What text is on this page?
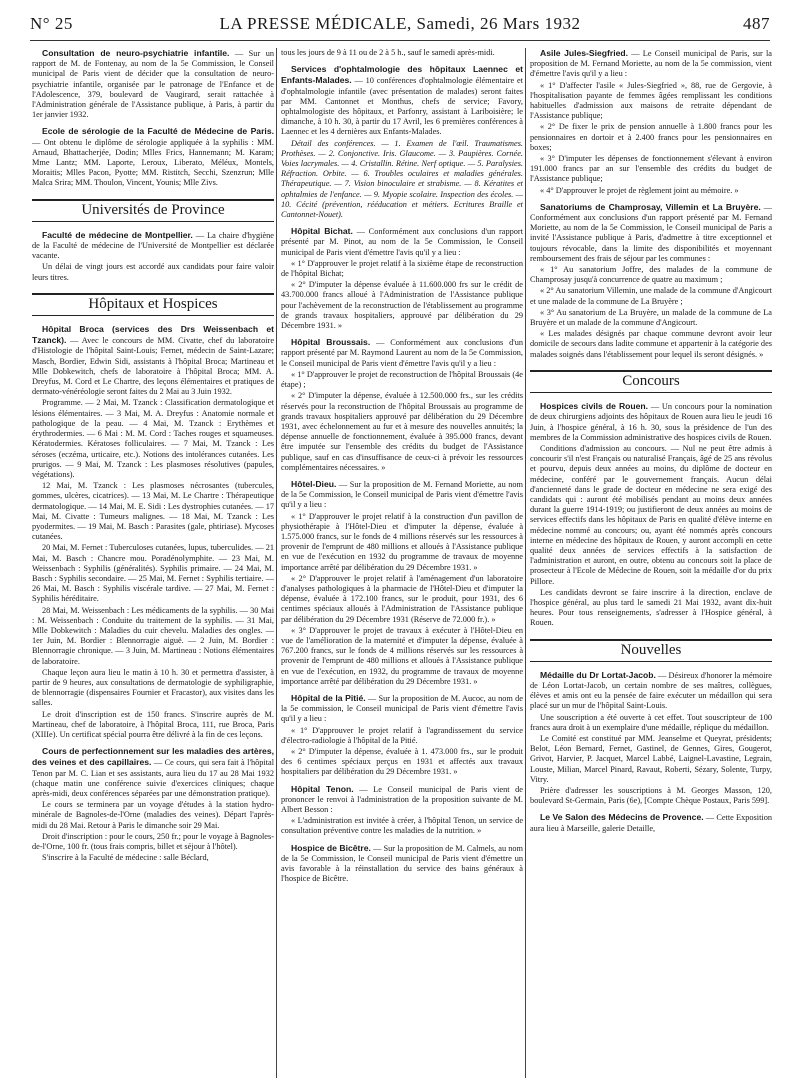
N° 25	LA PRESSE MÉDICALE, Samedi, 26 Mars 1932	487

Consultation de neuro-psychiatrie infantile. — Sur un rapport de M. de Fontenay, au nom de la 5e Commission, le Conseil municipal de Paris vient de décider que la consultation de neuro-psychiatrie infantile, organisée par le patronage de l'Enfance et de l'Adolescence, 379, boulevard de Vaugirard, serait rattachée à l'Administration générale de l'Assistance publique, à Paris, à partir du 1er janvier 1932.

Ecole de sérologie de la Faculté de Médecine de Paris. — Ont obtenu le diplôme de sérologie appliquée à la syphilis : MM. Arnaud, Bhattacherjée, Dodin; Mlles Frics, Hannemann; M. Karam; Mme Lantz; MM. Laporte, Leroux, Liberato, Méléux, Montels, Moraitis; Mlles Pacon, Pyotte; MM. Ristitch, Secchi, Szenzrun; Mlle Malca Srira; MM. Thoulon, Vincent, Younis; Mlle Zivs.

Universités de Province

Faculté de médecine de Montpellier. — La chaire d'hygiène de la Faculté de médecine de l'Université de Montpellier est déclarée vacante.

Un délai de vingt jours est accordé aux candidats pour faire valoir leurs titres.

Hôpitaux et Hospices

Hôpital Broca (services des Drs Weissenbach et Tzanck). — Avec le concours de MM. Civatte, chef du laboratoire d'Histologie de l'hôpital Saint-Louis; Fernet, médecin de Saint-Lazare; Masch, Bordier, Edwin Sidi, assistants à l'hôpital Broca; Martineau et Mlle Dobkewitch, chefs de laboratoire à l'hôpital Broca; MM. A. Dreyfus, M. Cord et Le Chartre, des leçons élémentaires et pratiques de dermato-vénéréologie seront faites du 2 Mai au 3 Juin 1932.

Programme. — 2 Mai, M. Tzanck : Classification dermatologique et lésions élémentaires. — 3 Mai, M. A. Dreyfus : Anatomie normale et pathologique de la peau. — 4 Mai, M. Tzanck : Erythèmes et érythrodermies. — 6 Mai : M. M. Cord : Taches rouges et squameuses. Kératodermies. Kératoses folliculaires. — 7 Mai, M. Tzanck : Les séroses (eczéma, urticaire, etc.). Notions des intolérances cutanées. Les prurigos. — 9 Mai, M. Tzanck : Les plasmoses résolutives (papules, végétations).

12 Mai, M. Tzanck : Les plasmoses nécrosantes (tubercules, gommes, ulcères, cicatrices). — 13 Mai, M. Le Chartre : Thérapeutique dermatologique. — 14 Mai, M. E. Sidi : Les dystrophies cutanées. — 17 Mai, M. Civatte : Tumeurs malignes. — 18 Mai, M. Tzanck : Les pyodermites. — 19 Mai, M. Basch : Parasites (gale, phtiriase). Mycoses cutanées.

20 Mai, M. Fernet : Tuberculoses cutanées, lupus, tuberculides. — 21 Mai, M. Basch : Chancre mou. Poradénolymphite. — 23 Mai, M. Weissenbach : Syphilis (généralités). Syphilis primaire. — 24 Mai, M. Basch : Syphilis secondaire. — 25 Mai, M. Fernet : Syphilis tertiaire. — 26 Mai, M. Basch : Syphilis viscérale tardive. — 27 Mai, M. Fernet : Syphilis héréditaire.

28 Mai, M. Weissenbach : Les médicaments de la syphilis. — 30 Mai : M. Weissenbach : Conduite du traitement de la syphilis. — 31 Mai, Mlle Dobkewitch : Maladies du cuir chevelu. Maladies des ongles. — 1er Juin, M. Bordier : Blennorragie aiguë. — 2 Juin, M. Bordier : Blennorragie chronique. — 3 Juin, M. Martineau : Notions élémentaires de laboratoire.

Chaque leçon aura lieu le matin à 10 h. 30 et permettra d'assister, à partir de 9 heures, aux consultations de dermatologie de syphiligraphie, de blennorragie (dispensaires Fournier et Fracastor), aux visites dans les salles.

Le droit d'inscription est de 150 francs. S'inscrire auprès de M. Martineau, chef de laboratoire, à l'hôpital Broca, 111, rue Broca, Paris (XIIIe). Un certificat spécial pourra être délivré à la fin de ces leçons.

Cours de perfectionnement sur les maladies des artères, des veines et des capillaires. — Ce cours, qui sera fait à l'hôpital Tenon par M. C. Lian et ses assistants, aura lieu du 17 au 28 Mai 1932 (chaque matin une conférence suivie d'exercices cliniques; chaque après-midi, deux conférences séparées par une démonstration pratique).

Le cours se terminera par un voyage d'études à la station hydro-minérale de Bagnoles-de-l'Orne (maladies des veines). Départ l'après-midi du 28 Mai. Retour à Paris le dimanche soir 29 Mai.

Droit d'inscription : pour le cours, 250 fr.; pour le voyage à Bagnoles-de-l'Orne, 100 fr. (tous frais compris, billet et séjour à l'hôtel).

S'inscrire à la Faculté de médecine : salle Béclard,

tous les jours de 9 à 11 ou de 2 à 5 h., sauf le samedi après-midi.

Services d'ophtalmologie des hôpitaux Laennec et Enfants-Malades. — 10 conférences d'ophtalmologie élémentaire et d'ophtalmologie infantile (avec présentation de malades) seront faites par MM. Cantonnet et Monthus, chefs de service; Favory, ophtalmologiste des hôpitaux, et Parfonry, assistant à Lariboisière; le dimanche, à 10 h. 30, à partir du 17 Avril, les 6 premières conférences à Laennec et les 4 dernières aux Enfants-Malades.

Détail des conférences. — 1. Examen de l'œil. Traumatismes. Prothèses. — 2. Conjonctive. Iris. Glaucome. — 3. Paupières. Cornée. Voies lacrymales. — 4. Cristallin. Rétine. Nerf optique. — 5. Paralysies. Réfraction. Orbite. — 6. Troubles oculaires et maladies générales. Thérapeutique. — 7. Vision binoculaire et strabisme. — 8. Kératites et ophtalmies de l'enfance. — 9. Myopie scolaire. Inspection des écoles. — 10. Cécité (prévention, rééducation et métiers. Ecritures Braille et Cantonnet-Nouet).

Hôpital Bichat. — Conformément aux conclusions d'un rapport présenté par M. Pinot, au nom de la 5e Commission, le Conseil municipal de Paris vient d'émettre l'avis qu'il y a lieu :

« 1° D'approuver le projet relatif à la sixième étape de reconstruction de l'hôpital Bichat;

« 2° D'imputer la dépense évaluée à 11.600.000 frs sur le crédit de 43.700.000 francs alloué à l'Administration de l'Assistance publique pour l'achèvement de la reconstruction de l'établissement au programme de grands travaux hospitaliers, approuvé par délibération du 29 Décembre 1931. »

Hôpital Broussais. — Conformément aux conclusions d'un rapport présenté par M. Raymond Laurent au nom de la 5e Commission, le Conseil municipal de Paris vient d'émettre l'avis qu'il y a lieu :

« 1° D'approuver le projet de reconstruction de l'hôpital Broussais (4e étape) ;

« 2° D'imputer la dépense, évaluée à 12.500.000 frs., sur les crédits réservés pour la reconstruction de l'hôpital Broussais au programme de grands travaux hospitaliers approuvé par délibération du 29 Décembre 1931, avec échelonnement au fur et à mesure des nouvelles annuités; la dépense annuelle de fonctionnement, évaluée à 395.000 francs, devant être imputée sur l'ensemble des crédits du budget de l'Assistance publique, sauf en cas d'insuffisance de ceux-ci à prévoir les ressources complémentaires nécessaires. »

Hôtel-Dieu. — Sur la proposition de M. Fernand Moriette, au nom de la 5e Commission, le Conseil municipal de Paris vient d'émettre l'avis qu'il y a lieu :

« 1° D'approuver le projet relatif à la construction d'un pavillon de physiothérapie à l'Hôtel-Dieu et d'imputer la dépense, évaluée à 1.575.000 francs, sur le fonds de 4 millions réservés sur les ressources à provenir de l'emprunt de 480 millions et alloués à l'Assistance publique en vue de l'exécution en 1932 du programme de travaux de moyenne importance arrêté par délibération du 29 Décembre 1931. »

« 2° D'approuver le projet relatif à l'aménagement d'un laboratoire d'analyses pathologiques à la pharmacie de l'Hôtel-Dieu et d'imputer la dépense, évaluée à 172.100 francs, sur le produit, pour 1931, des 6 centimes spéciaux alloués à l'Administration de l'Assistance publique par délibération du 29 Décembre 1931 (Réserve de 72.000 fr.). »

« 3° D'approuver le projet de travaux à exécuter à l'Hôtel-Dieu en vue de l'amélioration de la maternité et d'imputer la dépense, évaluée à 767.200 francs, sur le fonds de 4 millions réservés sur les ressources à provenir de l'emprunt de 480 millions et alloués à l'Assistance publique en vue de l'exécution, en 1932, du programme de travaux de moyenne importance arrêté par délibération du 29 Décembre 1931. »

Hôpital de la Pitié. — Sur la proposition de M. Aucoc, au nom de la 5e commission, le Conseil municipal de Paris vient d'émettre l'avis qu'il y a lieu :

« 1° D'approuver le projet relatif à l'agrandissement du service d'électro-radiologie à l'hôpital de la Pitié.

« 2° D'imputer la dépense, évaluée à 1. 473.000 frs., sur le produit des 6 centimes spéciaux perçus en 1931 et affectés aux travaux hospitaliers par délibération du 29 Décembre 1931. »

Hôpital Tenon. — Le Conseil municipal de Paris vient de prononcer le renvoi à l'administration de la proposition suivante de M. Albert Besson :

« L'administration est invitée à créer, à l'hôpital Tenon, un service de consultation préventive contre les maladies de la nutrition. »

Hospice de Bicêtre. — Sur la proposition de M. Calmels, au nom de la 5e Commission, le Conseil municipal de Paris vient d'émettre un avis favorable à la réinstallation du service des bains généraux à l'hospice de Bicêtre.

Asile Jules-Siegfried. — Le Conseil municipal de Paris, sur la proposition de M. Fernand Moriette, au nom de la 5e commission, vient d'émettre l'avis qu'il y a lieu :

« 1° D'affecter l'asile « Jules-Siegfried », 88, rue de Gergovie, à l'hospitalisation payante de femmes âgées remplissant les conditions habituelles d'admission aux maisons de retraite dépendant de l'Assistance publique;

« 2° De fixer le prix de pension annuelle à 1.800 francs pour les pensionnaires en dortoir et à 2.400 francs pour les pensionnaires en boxes;

« 3° D'imputer les dépenses de fonctionnement s'élevant à environ 191.000 francs par an sur l'ensemble des crédits du budget de l'Assistance publique;

« 4° D'approuver le projet de règlement joint au mémoire. »

Sanatoriums de Champrosay, Villemin et La Bruyère. — Conformément aux conclusions d'un rapport présenté par M. Fernand Moriette, au nom de la 5e Commission, le Conseil municipal de Paris a invité l'Assistance publique à Paris, d'admettre à titre exceptionnel et toujours révocable, dans la limite des disponibilités et moyennant remboursement des frais de séjour par les communes :

« 1° Au sanatorium Joffre, des malades de la commune de Champrosay jusqu'à concurrence de quatre au maximum ;

« 2° Au sanatorium Villemin, une malade de la commune d'Angicourt et une malade de la commune de La Bruyère ;

« 3° Au sanatorium de La Bruyère, un malade de la commune de La Bruyère et un malade de la commune d'Angicourt.

« Les malades désignés par chaque commune devront avoir leur domicile de secours dans ladite commune et appartenir à la catégorie des malades soignés dans l'établissement pour lequel ils seront désignés. »

Concours

Hospices civils de Rouen. — Un concours pour la nomination de deux chirurgiens adjoints des hôpitaux de Rouen aura lieu le jeudi 16 Juin, à l'hospice général, à 16 h. 30, sous la présidence de l'un des membres de la Commission administrative des hospices civils de Rouen.

Conditions d'admission au concours. — Nul ne peut être admis à concourir s'il n'est Français ou naturalisé Français, âgé de 25 ans révolus et pourvu, depuis deux années au moins, du diplôme de docteur en médecine, conféré par le gouvernement français. Aucun délai d'ancienneté dans le grade de docteur en médecine ne sera exigé des candidats qui : auront été mobilisés pendant au moins deux années durant la guerre 1914-1919; ou justifieront de deux années au moins de services effectifs dans les hôpitaux de Paris en qualité d'élève interne en médecine nommé au concours; ou, ayant été nommés après concours interne en médecine des hôpitaux de Rouen, y auront accompli en cette qualité deux années de services effectifs à la satisfaction de l'administration et auront, en outre, obtenu au concours soit la place de prosecteur à l'Ecole de Médecine de Rouen, soit la médaille d'or du prix Pillore.

Les candidats devront se faire inscrire à la direction, enclave de l'hospice général, au plus tard le samedi 21 Mai 1932, avant dix-huit heures. Pour tous renseignements, s'adresser à l'Hospice général, à Rouen.

Nouvelles

Médaille du Dr Lortat-Jacob. — Désireux d'honorer la mémoire de Léon Lortat-Jacob, un certain nombre de ses maîtres, collègues, élèves et amis ont eu la pensée de faire exécuter un médaillon qui sera placé sur un mur de l'hôpital Saint-Louis.

Une souscription a été ouverte à cet effet. Tout souscripteur de 100 francs aura droit à un exemplaire d'une médaille, réplique du médaillon.

Le Comité est constitué par MM. Jeanselme et Queyrat, présidents; Belot, Léon Bernard, Fernet, Gastinel, de Gennes, Gires, Gougerot, Grivot, Harvier, P. Jacquet, Marcel Labbé, Laignel-Lavastine, Legrain, Louste, Milian, Marcel Pinard, Ravaut, Roberti, Sézary, Solente, Turpy, Vitry.

Prière d'adresser les souscriptions à M. Georges Masson, 120, boulevard St-Germain, Paris (6e), [Compte Chèque Postaux, Paris 599].

Le Ve Salon des Médecins de Provence. — Cette Exposition aura lieu à Marseille, galerie Detaille,
